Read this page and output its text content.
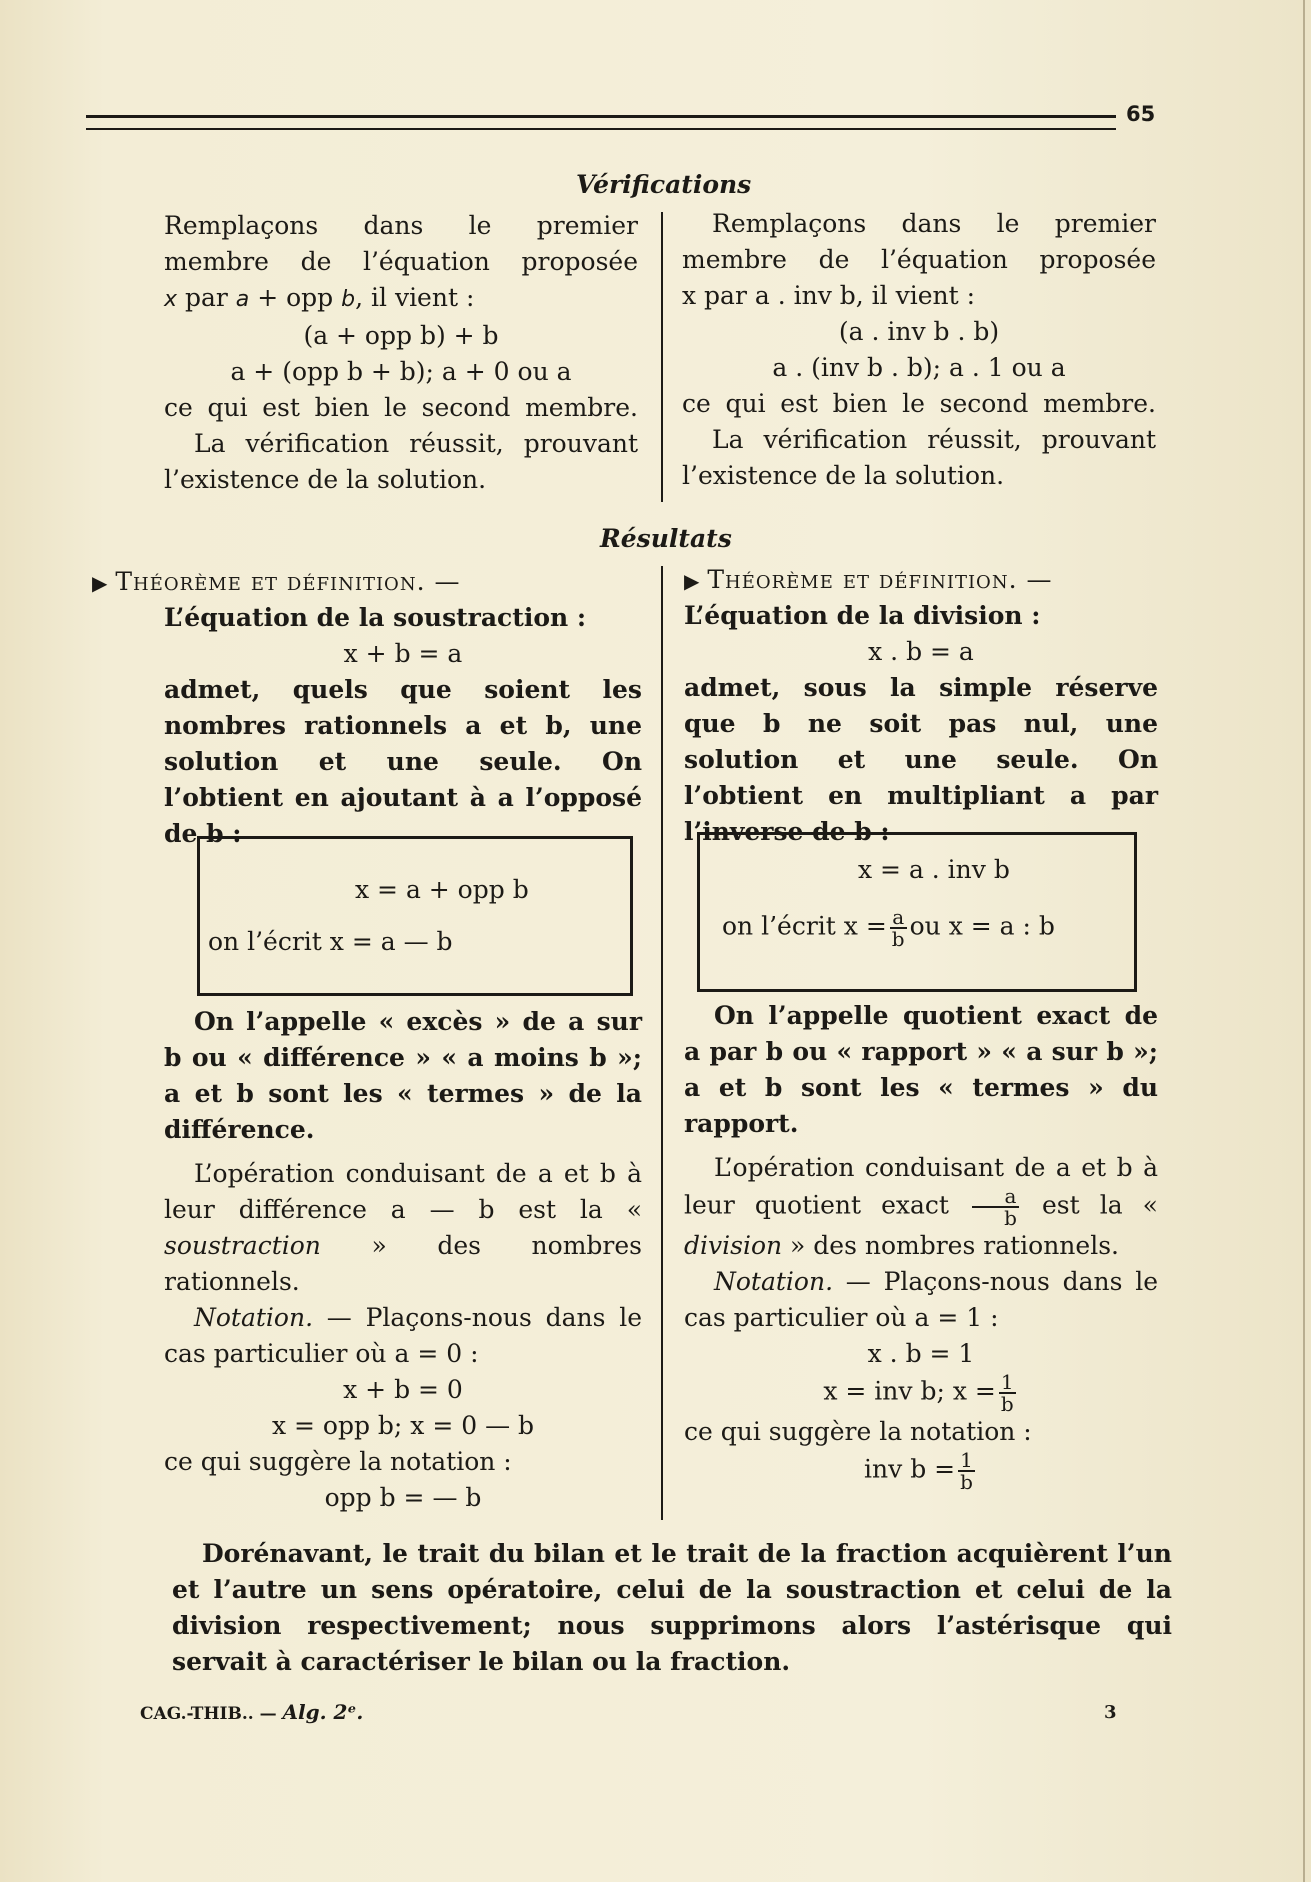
65
Vérifications

Remplaçons dans le premier

membre de l’équation proposée

x par a + opp b, il vient :

(a + opp b) + b

a + (opp b + b); a + 0 ou a

ce qui est bien le second membre.

La vérification réussit, prouvant

l’existence de la solution.

Remplaçons dans le premier

membre de l’équation proposée

x par a . inv b, il vient :

(a . inv b . b)

a . (inv b . b); a . 1 ou a

ce qui est bien le second membre.

La vérification réussit, prouvant

l’existence de la solution.

Résultats

▶ Théorème et définition. —

L’équation de la soustraction :

x + b = a

admet, quels que soient les nombres rationnels a et b, une solution et une seule. On l’obtient en ajoutant à a l’opposé de b :

x = a + opp b
on l’écrit x = a — b

On l’appelle « excès » de a sur b ou « différence » « a moins b »; a et b sont les « termes » de la différence.

L’opération conduisant de a et b à leur différence a — b est la « soustraction » des nombres rationnels.

Notation. — Plaçons-nous dans le cas particulier où a = 0 :

x + b = 0

x = opp b; x = 0 — b

ce qui suggère la notation :

opp b = — b

▶ Théorème et définition. —

L’équation de la division :

x . b = a

admet, sous la simple réserve que b ne soit pas nul, une solution et une seule. On l’obtient en multipliant a par l’inverse de b :

x = a . inv b
on l’écrit $x = \frac{a}{b}$ ou x = a : b

On l’appelle quotient exact de a par b ou « rapport » « a sur b »; a et b sont les « termes » du rapport.

L’opération conduisant de a et b à leur quotient exact $\frac{a}{b}$ est la « division » des nombres rationnels.

Notation. — Plaçons-nous dans le cas particulier où a = 1 :

x . b = 1

x = inv b; $x = \frac{1}{b}$

ce qui suggère la notation :

inv $b = \frac{1}{b}$

Dorénavant, le trait du bilan et le trait de la fraction acquièrent l’un et l’autre un sens opératoire, celui de la soustraction et celui de la division respectivement; nous supprimons alors l’astérisque qui servait à caractériser le bilan ou la fraction.

CAG.-THIB.. — Alg. 2ᵉ.	3
